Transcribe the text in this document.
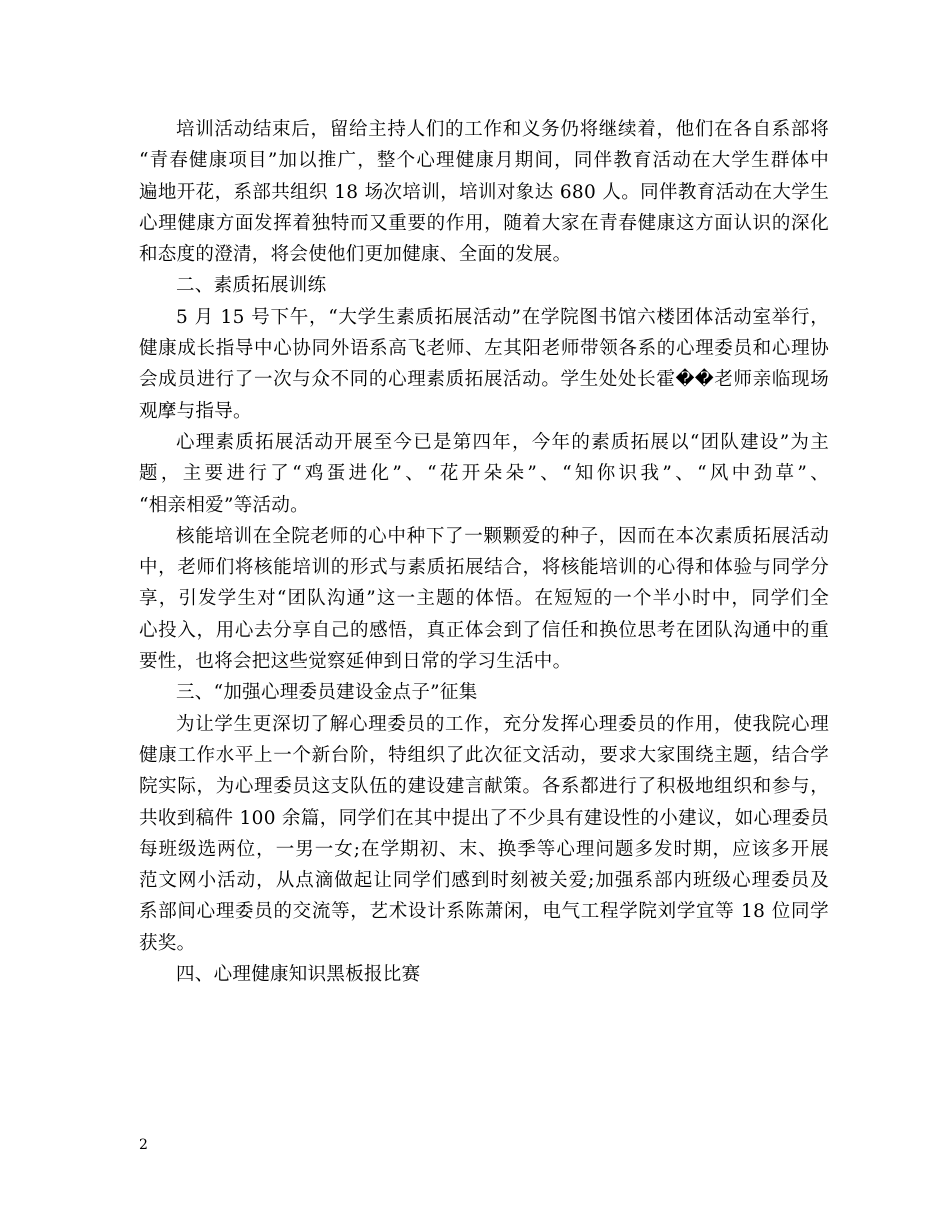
培训活动结束后，留给主持人们的工作和义务仍将继续着，他们在各自系部将
“青春健康项目”加以推广，整个心理健康月期间，同伴教育活动在大学生群体中
遍地开花，系部共组织 18 场次培训，培训对象达 680 人。同伴教育活动在大学生
心理健康方面发挥着独特而又重要的作用，随着大家在青春健康这方面认识的深化
和态度的澄清，将会使他们更加健康、全面的发展。
二、素质拓展训练
5 月 15 号下午，“大学生素质拓展活动”在学院图书馆六楼团体活动室举行，
健康成长指导中心协同外语系高飞老师、左其阳老师带领各系的心理委员和心理协
会成员进行了一次与众不同的心理素质拓展活动。学生处处长霍��老师亲临现场
观摩与指导。
心理素质拓展活动开展至今已是第四年，今年的素质拓展以“团队建设”为主
题，主要进行了“鸡蛋进化”、“花开朵朵”、“知你识我”、“风中劲草”、
“相亲相爱”等活动。
核能培训在全院老师的心中种下了一颗颗爱的种子，因而在本次素质拓展活动
中，老师们将核能培训的形式与素质拓展结合，将核能培训的心得和体验与同学分
享，引发学生对“团队沟通”这一主题的体悟。在短短的一个半小时中，同学们全
心投入，用心去分享自己的感悟，真正体会到了信任和换位思考在团队沟通中的重
要性，也将会把这些觉察延伸到日常的学习生活中。
三、“加强心理委员建设金点子”征集
为让学生更深切了解心理委员的工作，充分发挥心理委员的作用，使我院心理
健康工作水平上一个新台阶，特组织了此次征文活动，要求大家围绕主题，结合学
院实际，为心理委员这支队伍的建设建言献策。各系都进行了积极地组织和参与，
共收到稿件 100 余篇，同学们在其中提出了不少具有建设性的小建议，如心理委员
每班级选两位，一男一女;在学期初、末、换季等心理问题多发时期，应该多开展
范文网小活动，从点滴做起让同学们感到时刻被关爱;加强系部内班级心理委员及
系部间心理委员的交流等，艺术设计系陈萧闲，电气工程学院刘学宜等 18 位同学
获奖。
四、心理健康知识黑板报比赛
2
